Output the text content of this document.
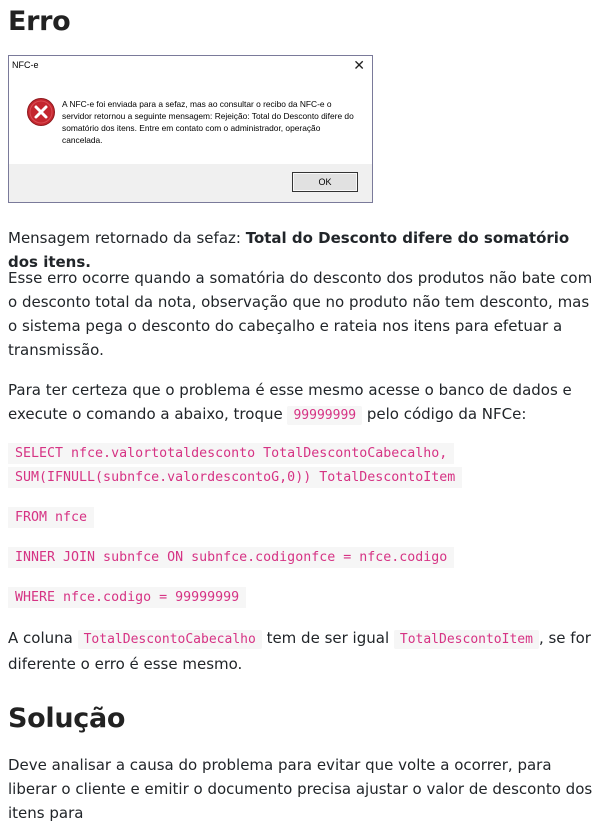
Erro
NFC-e	✕
A NFC-e foi enviada para a sefaz, mas ao consultar o recibo da NFC-e o servidor retornou a seguinte mensagem: Rejeição: Total do Desconto difere do somatório dos itens. Entre em contato com o administrador, operação cancelada.
OK

Mensagem retornado da sefaz: Total do Desconto difere do somatório dos itens.

Esse erro ocorre quando a somatória do desconto dos produtos não bate com o desconto total da nota, observação que no produto não tem desconto, mas o sistema pega o desconto do cabeçalho e rateia nos itens para efetuar a transmissão.

Para ter certeza que o problema é esse mesmo acesse o banco de dados e execute o comando a abaixo, troque 99999999 pelo código da NFCe:

SELECT nfce.valortotaldesconto TotalDescontoCabecalho, SUM(IFNULL(subnfce.valordescontoG,0)) TotalDescontoItem
FROM nfce
INNER JOIN subnfce ON subnfce.codigonfce = nfce.codigo
WHERE nfce.codigo = 99999999

A coluna TotalDescontoCabecalho tem de ser igual TotalDescontoItem , se for diferente o erro é esse mesmo.

Solução

Deve analisar a causa do problema para evitar que volte a ocorrer, para liberar o cliente e emitir o documento precisa ajustar o valor de desconto dos itens para
